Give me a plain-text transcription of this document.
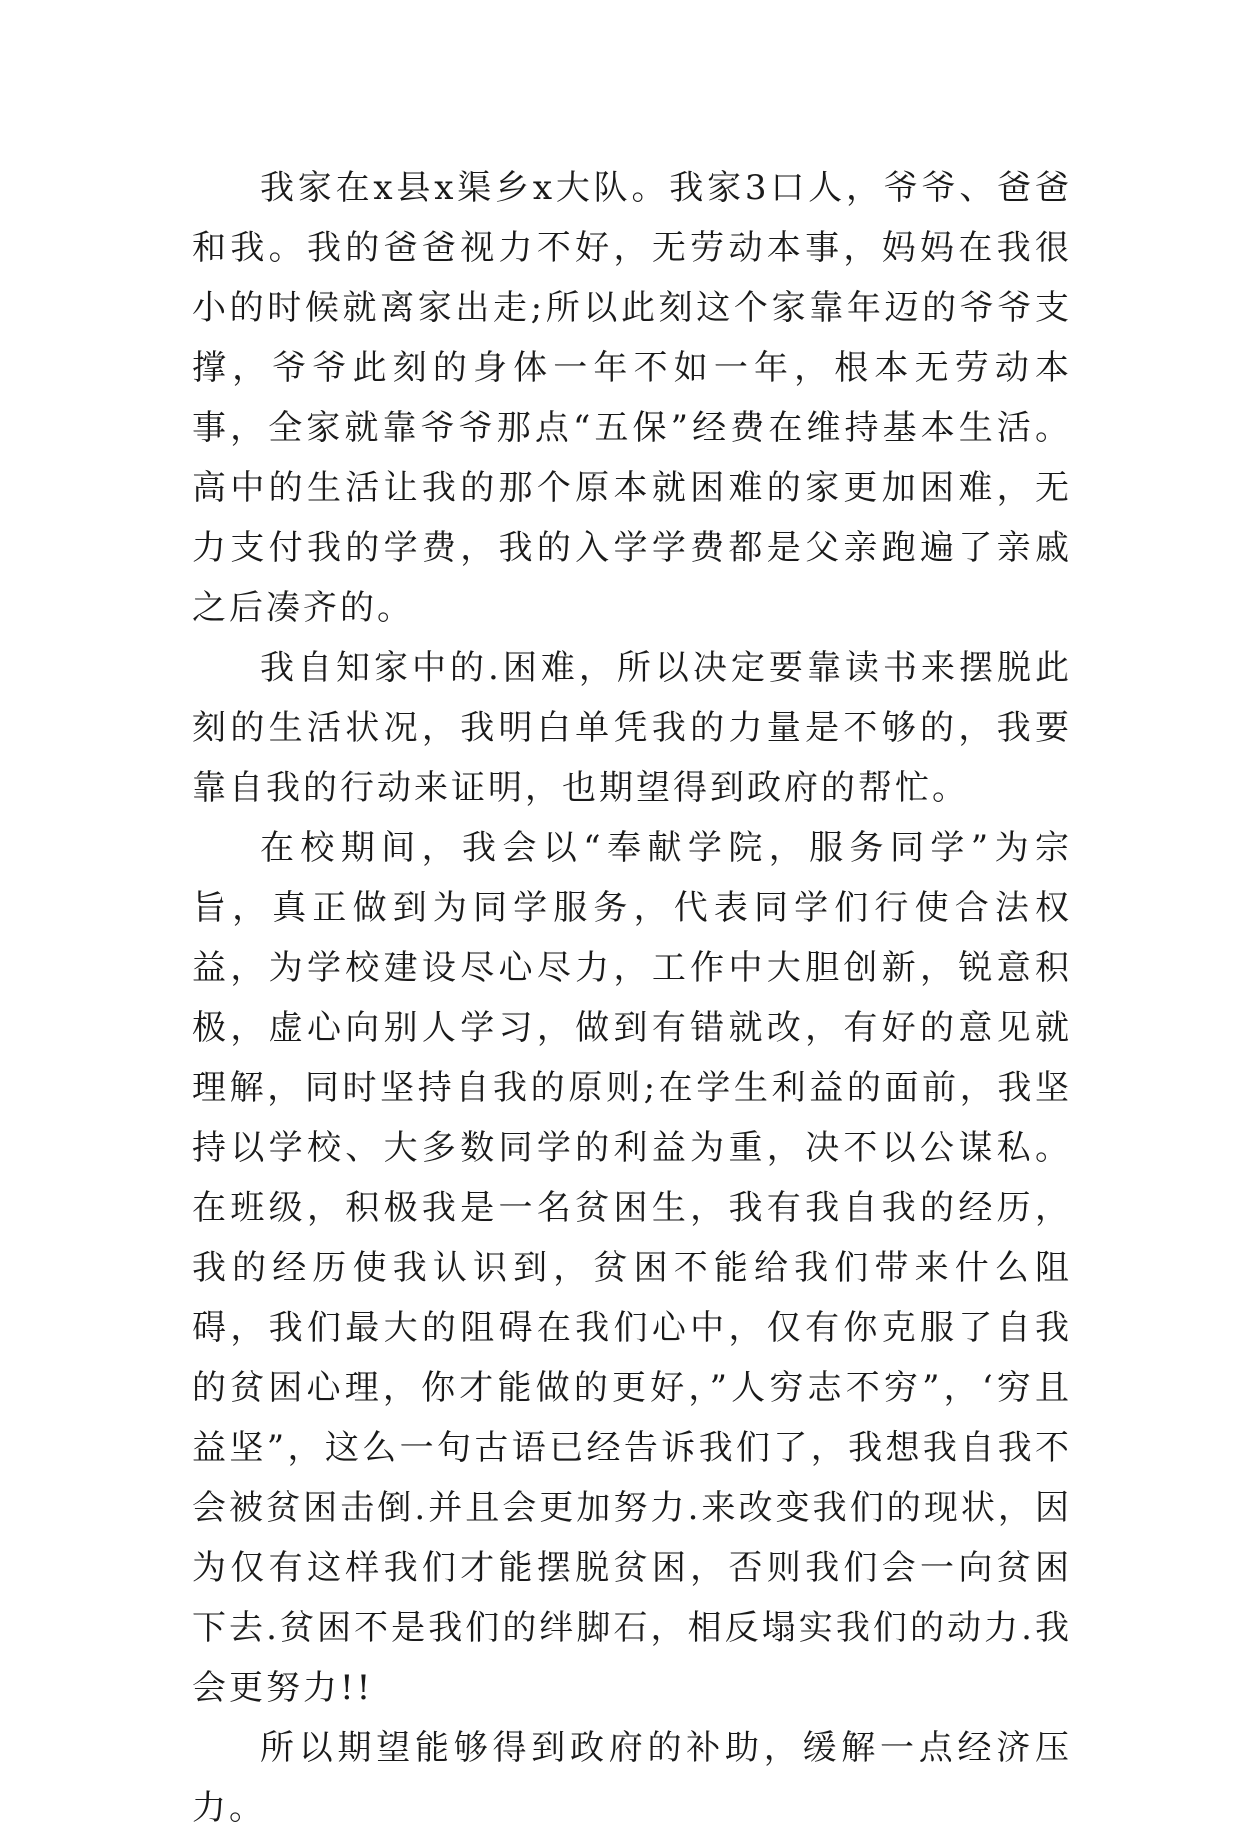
我家在x县x渠乡x大队。我家3口人，爷爷、爸爸和我。我的爸爸视力不好，无劳动本事，妈妈在我很小的时候就离家出走;所以此刻这个家靠年迈的爷爷支撑，爷爷此刻的身体一年不如一年，根本无劳动本事，全家就靠爷爷那点“五保”经费在维持基本生活。高中的生活让我的那个原本就困难的家更加困难，无力支付我的学费，我的入学学费都是父亲跑遍了亲戚之后凑齐的。

我自知家中的.困难，所以决定要靠读书来摆脱此刻的生活状况，我明白单凭我的力量是不够的，我要靠自我的行动来证明，也期望得到政府的帮忙。

在校期间，我会以“奉献学院，服务同学”为宗旨，真正做到为同学服务，代表同学们行使合法权益，为学校建设尽心尽力，工作中大胆创新，锐意积极，虚心向别人学习，做到有错就改，有好的意见就理解，同时坚持自我的原则;在学生利益的面前，我坚持以学校、大多数同学的利益为重，决不以公谋私。在班级，积极我是一名贫困生，我有我自我的经历，我的经历使我认识到，贫困不能给我们带来什么阻碍，我们最大的阻碍在我们心中，仅有你克服了自我的贫困心理，你才能做的更好，”人穷志不穷”，‘穷且益坚”，这么一句古语已经告诉我们了，我想我自我不会被贫困击倒.并且会更加努力.来改变我们的现状，因为仅有这样我们才能摆脱贫困，否则我们会一向贫困下去.贫困不是我们的绊脚石，相反塌实我们的动力.我会更努力!!

所以期望能够得到政府的补助，缓解一点经济压力。
